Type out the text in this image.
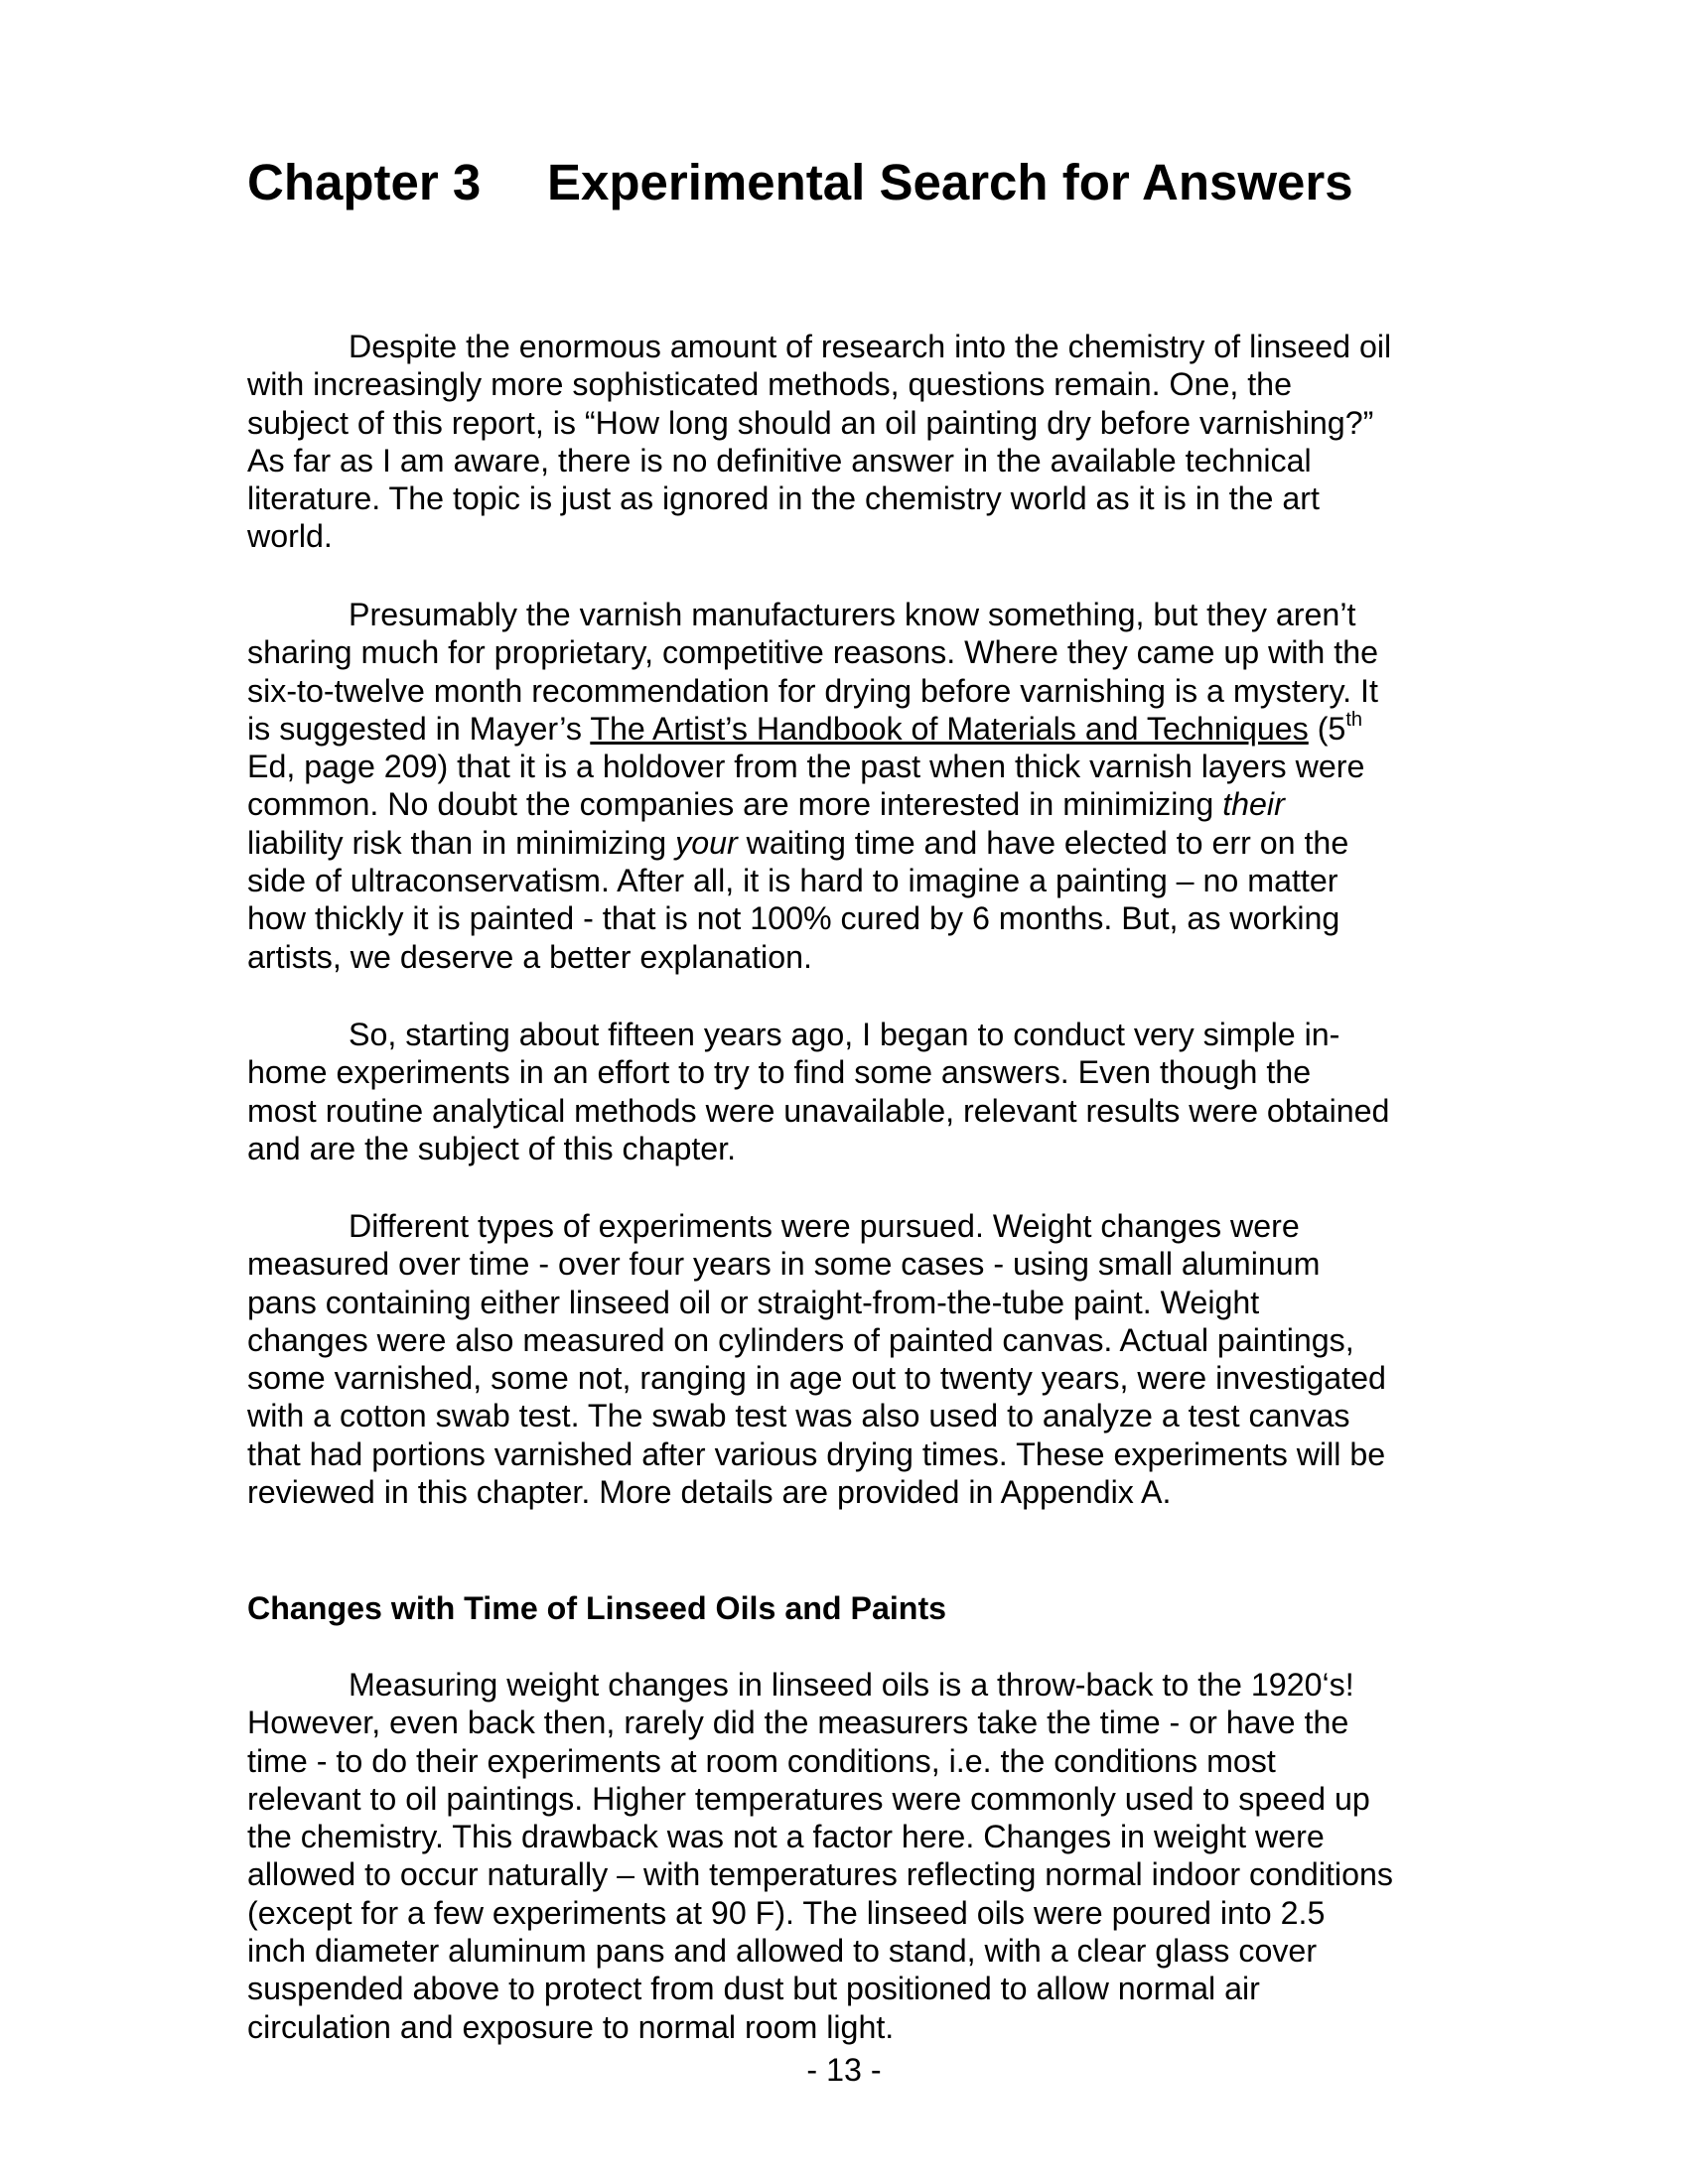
Chapter 3 Experimental Search for Answers

Despite the enormous amount of research into the chemistry of linseed oil
with increasingly more sophisticated methods, questions remain. One, the
subject of this report, is “How long should an oil painting dry before varnishing?”
As far as I am aware, there is no definitive answer in the available technical
literature. The topic is just as ignored in the chemistry world as it is in the art
world.

Presumably the varnish manufacturers know something, but they aren’t
sharing much for proprietary, competitive reasons. Where they came up with the
six-to-twelve month recommendation for drying before varnishing is a mystery. It
is suggested in Mayer’s The Artist’s Handbook of Materials and Techniques (5th
Ed, page 209) that it is a holdover from the past when thick varnish layers were
common. No doubt the companies are more interested in minimizing their
liability risk than in minimizing your waiting time and have elected to err on the
side of ultraconservatism. After all, it is hard to imagine a painting – no matter
how thickly it is painted - that is not 100% cured by 6 months. But, as working
artists, we deserve a better explanation.

So, starting about fifteen years ago, I began to conduct very simple in-
home experiments in an effort to try to find some answers. Even though the
most routine analytical methods were unavailable, relevant results were obtained
and are the subject of this chapter.

Different types of experiments were pursued. Weight changes were
measured over time - over four years in some cases - using small aluminum
pans containing either linseed oil or straight-from-the-tube paint. Weight
changes were also measured on cylinders of painted canvas. Actual paintings,
some varnished, some not, ranging in age out to twenty years, were investigated
with a cotton swab test. The swab test was also used to analyze a test canvas
that had portions varnished after various drying times. These experiments will be
reviewed in this chapter. More details are provided in Appendix A.

Changes with Time of Linseed Oils and Paints

Measuring weight changes in linseed oils is a throw-back to the 1920‘s!
However, even back then, rarely did the measurers take the time - or have the
time - to do their experiments at room conditions, i.e. the conditions most
relevant to oil paintings. Higher temperatures were commonly used to speed up
the chemistry. This drawback was not a factor here. Changes in weight were
allowed to occur naturally – with temperatures reflecting normal indoor conditions
(except for a few experiments at 90 F). The linseed oils were poured into 2.5
inch diameter aluminum pans and allowed to stand, with a clear glass cover
suspended above to protect from dust but positioned to allow normal air
circulation and exposure to normal room light.

- 13 -
